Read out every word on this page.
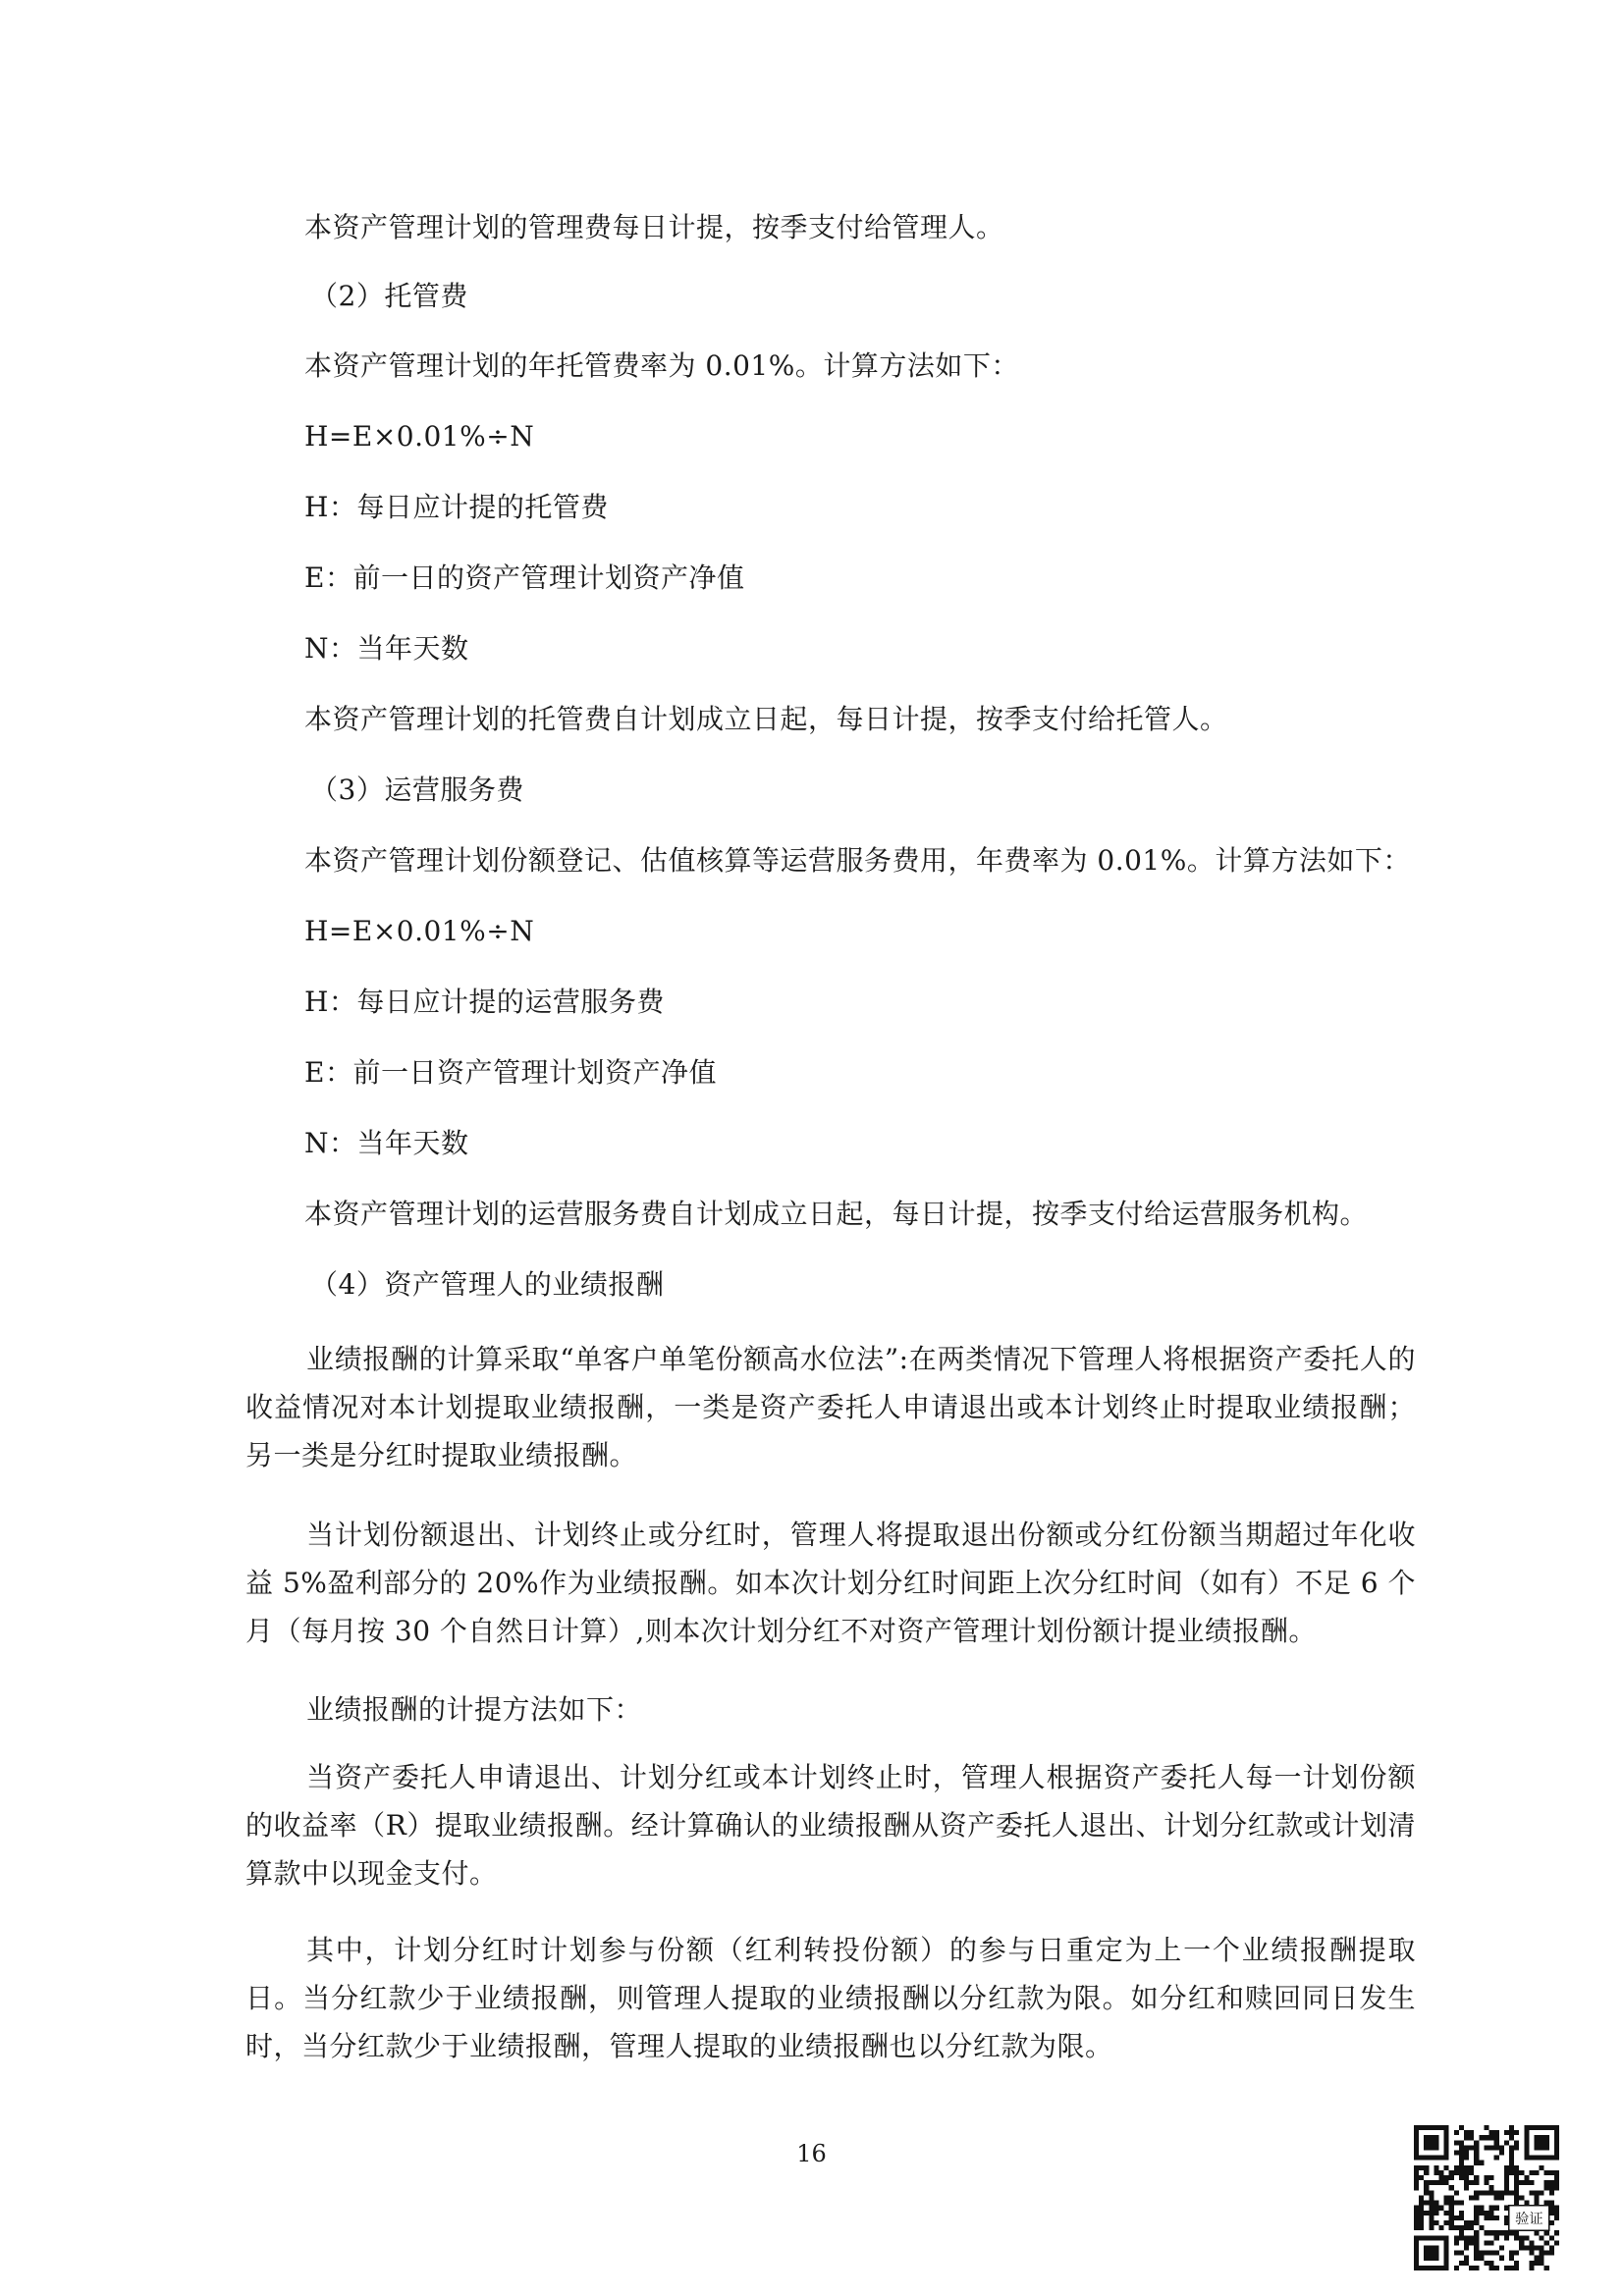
本资产管理计划的管理费每日计提，按季支付给管理人。
（2）托管费
本资产管理计划的年托管费率为 0.01%。计算方法如下：
H=E×0.01%÷N
H：每日应计提的托管费
E：前一日的资产管理计划资产净值
N：当年天数
本资产管理计划的托管费自计划成立日起，每日计提，按季支付给托管人。
（3）运营服务费
本资产管理计划份额登记、估值核算等运营服务费用，年费率为 0.01%。计算方法如下：
H=E×0.01%÷N
H：每日应计提的运营服务费
E：前一日资产管理计划资产净值
N：当年天数
本资产管理计划的运营服务费自计划成立日起，每日计提，按季支付给运营服务机构。
（4）资产管理人的业绩报酬
业绩报酬的计算采取“单客户单笔份额高水位法”:在两类情况下管理人将根据资产委托人的收益情况对本计划提取业绩报酬，一类是资产委托人申请退出或本计划终止时提取业绩报酬；另一类是分红时提取业绩报酬。
当计划份额退出、计划终止或分红时，管理人将提取退出份额或分红份额当期超过年化收益 5%盈利部分的 20%作为业绩报酬。如本次计划分红时间距上次分红时间（如有）不足 6 个月（每月按 30 个自然日计算）,则本次计划分红不对资产管理计划份额计提业绩报酬。
业绩报酬的计提方法如下：
当资产委托人申请退出、计划分红或本计划终止时，管理人根据资产委托人每一计划份额的收益率（R）提取业绩报酬。经计算确认的业绩报酬从资产委托人退出、计划分红款或计划清算款中以现金支付。
其中，计划分红时计划参与份额（红利转投份额）的参与日重定为上一个业绩报酬提取日。当分红款少于业绩报酬，则管理人提取的业绩报酬以分红款为限。如分红和赎回同日发生时，当分红款少于业绩报酬，管理人提取的业绩报酬也以分红款为限。
16
验证
